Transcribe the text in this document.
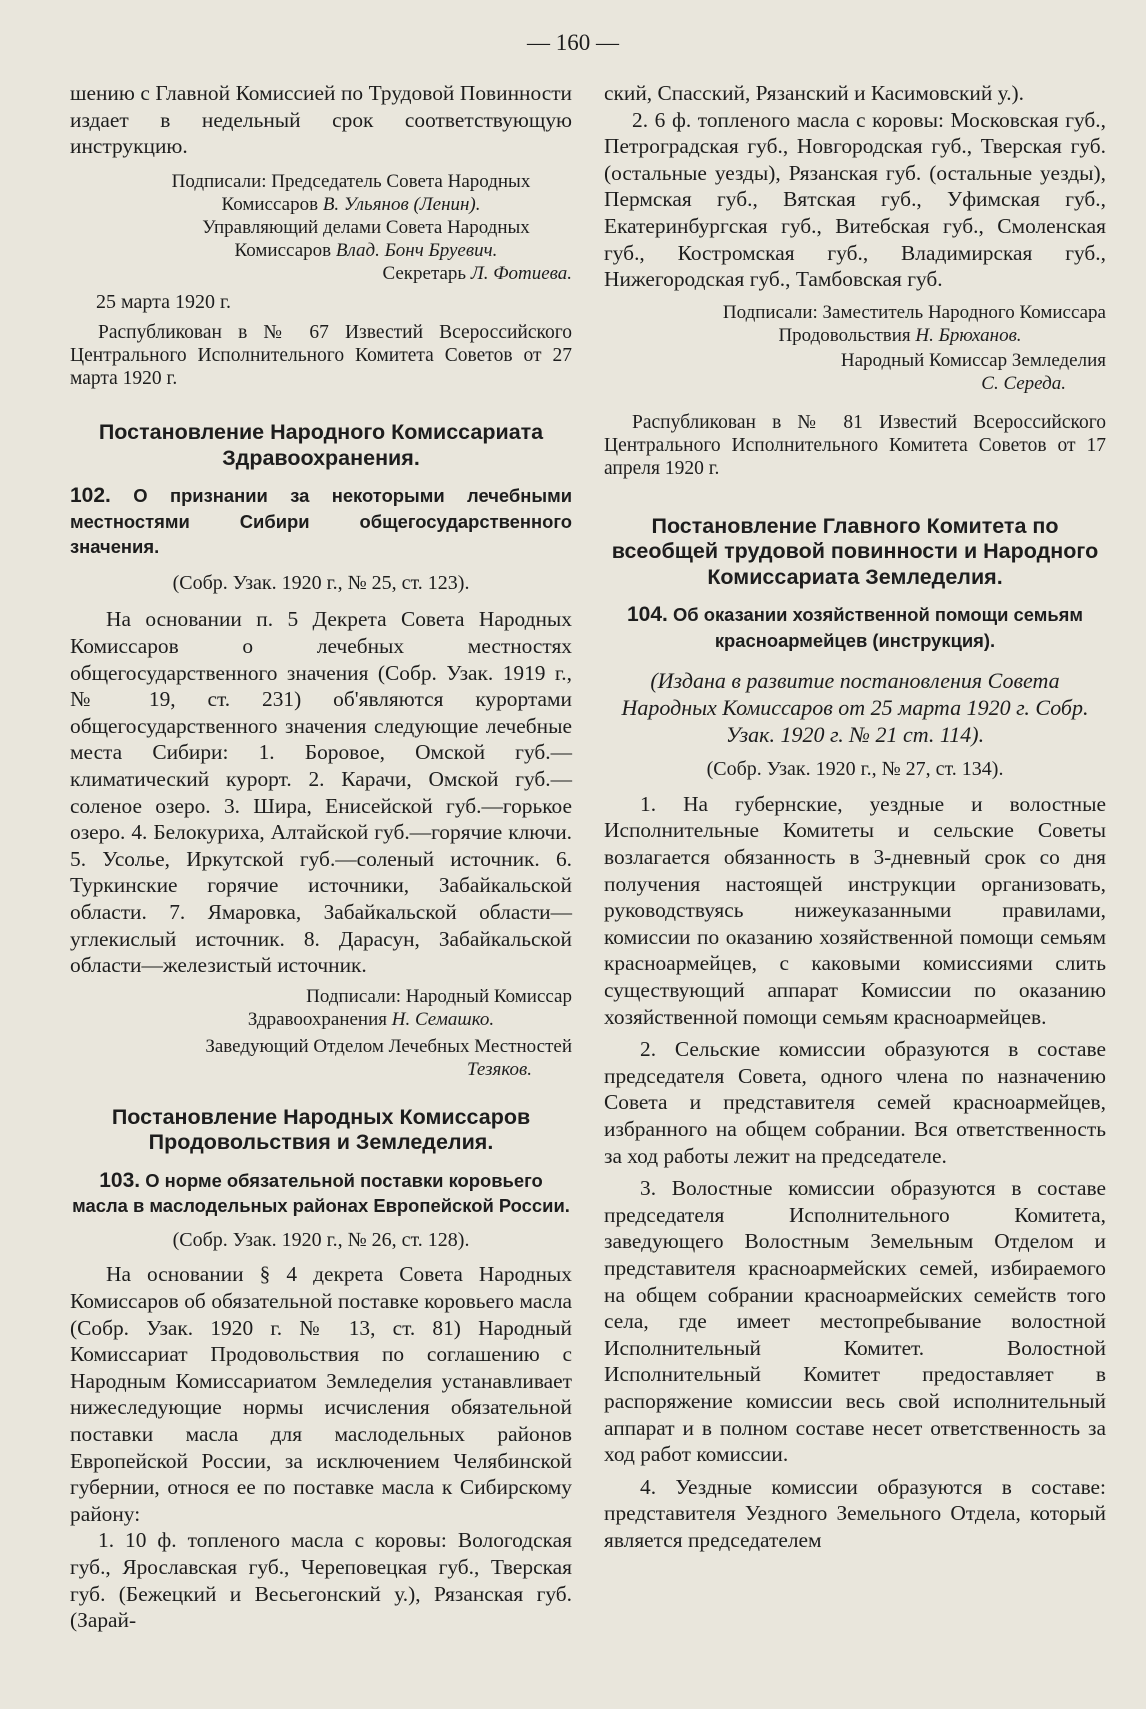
— 160 —

шению с Главной Комиссией по Трудовой Повинности издает в недельный срок соответствующую инструкцию.

Подписали: Председатель Совета Народных

Комиссаров В. Ульянов (Ленин).

Управляющий делами Совета Народных

Комиссаров Влад. Бонч Бруевич.

Секретарь Л. Фотиева.

25 марта 1920 г.

Распубликован в № 67 Известий Всероссийского Центрального Исполнительного Комитета Советов от 27 марта 1920 г.

Постановление Народного Комиссариата Здравоохранения.

102. О признании за некоторыми лечебными местностями Сибири общегосударственного значения.

(Собр. Узак. 1920 г., № 25, ст. 123).

На основании п. 5 Декрета Совета Народных Комиссаров о лечебных местностях общегосударственного значения (Собр. Узак. 1919 г., № 19, ст. 231) об'являются курортами общегосударственного значения следующие лечебные места Сибири: 1. Боровое, Омской губ.—климатический курорт. 2. Карачи, Омской губ.—соленое озеро. 3. Шира, Енисейской губ.—горькое озеро. 4. Белокуриха, Алтайской губ.—горячие ключи. 5. Усолье, Иркутской губ.—соленый источник. 6. Туркинские горячие источники, Забайкальской области. 7. Ямаровка, Забайкальской области—углекислый источник. 8. Дарасун, Забайкальской области—железистый источник.

Подписали: Народный Комиссар

Здравоохранения Н. Семашко.

Заведующий Отделом Лечебных Местностей

Тезяков.

Постановление Народных Комиссаров Продовольствия и Земледелия.

103. О норме обязательной поставки коровьего масла в маслодельных районах Европейской России.

(Собр. Узак. 1920 г., № 26, ст. 128).

На основании § 4 декрета Совета Народных Комиссаров об обязательной поставке коровьего масла (Собр. Узак. 1920 г. № 13, ст. 81) Народный Комиссариат Продовольствия по соглашению с Народным Комиссариатом Земледелия устанавливает нижеследующие нормы исчисления обязательной поставки масла для маслодельных районов Европейской России, за исключением Челябинской губернии, относя ее по поставке масла к Сибирскому району:

1. 10 ф. топленого масла с коровы: Вологодская губ., Ярославская губ., Череповецкая губ., Тверская губ. (Бежецкий и Весьегонский у.), Рязанская губ. (Зарай-

ский, Спасский, Рязанский и Касимовский у.).

2. 6 ф. топленого масла с коровы: Московская губ., Петроградская губ., Новгородская губ., Тверская губ. (остальные уезды), Рязанская губ. (остальные уезды), Пермская губ., Вятская губ., Уфимская губ., Екатеринбургская губ., Витебская губ., Смоленская губ., Костромская губ., Владимирская губ., Нижегородская губ., Тамбовская губ.

Подписали: Заместитель Народного Комиссара

Продовольствия Н. Брюханов.

Народный Комиссар Земледелия

С. Середа.

Распубликован в № 81 Известий Всероссийского Центрального Исполнительного Комитета Советов от 17 апреля 1920 г.

Постановление Главного Комитета по всеобщей трудовой повинности и Народного Комиссариата Земледелия.

104. Об оказании хозяйственной помощи семьям красноармейцев (инструкция).

(Издана в развитие постановления Совета Народных Комиссаров от 25 марта 1920 г. Собр. Узак. 1920 г. № 21 ст. 114).

(Собр. Узак. 1920 г., № 27, ст. 134).

1. На губернские, уездные и волостные Исполнительные Комитеты и сельские Советы возлагается обязанность в 3-дневный срок со дня получения настоящей инструкции организовать, руководствуясь нижеуказанными правилами, комиссии по оказанию хозяйственной помощи семьям красноармейцев, с каковыми комиссиями слить существующий аппарат Комиссии по оказанию хозяйственной помощи семьям красноармейцев.

2. Сельские комиссии образуются в составе председателя Совета, одного члена по назначению Совета и представителя семей красноармейцев, избранного на общем собрании. Вся ответственность за ход работы лежит на председателе.

3. Волостные комиссии образуются в составе председателя Исполнительного Комитета, заведующего Волостным Земельным Отделом и представителя красноармейских семей, избираемого на общем собрании красноармейских семейств того села, где имеет местопребывание волостной Исполнительный Комитет. Волостной Исполнительный Комитет предоставляет в распоряжение комиссии весь свой исполнительный аппарат и в полном составе несет ответственность за ход работ комиссии.

4. Уездные комиссии образуются в составе: представителя Уездного Земельного Отдела, который является председателем
